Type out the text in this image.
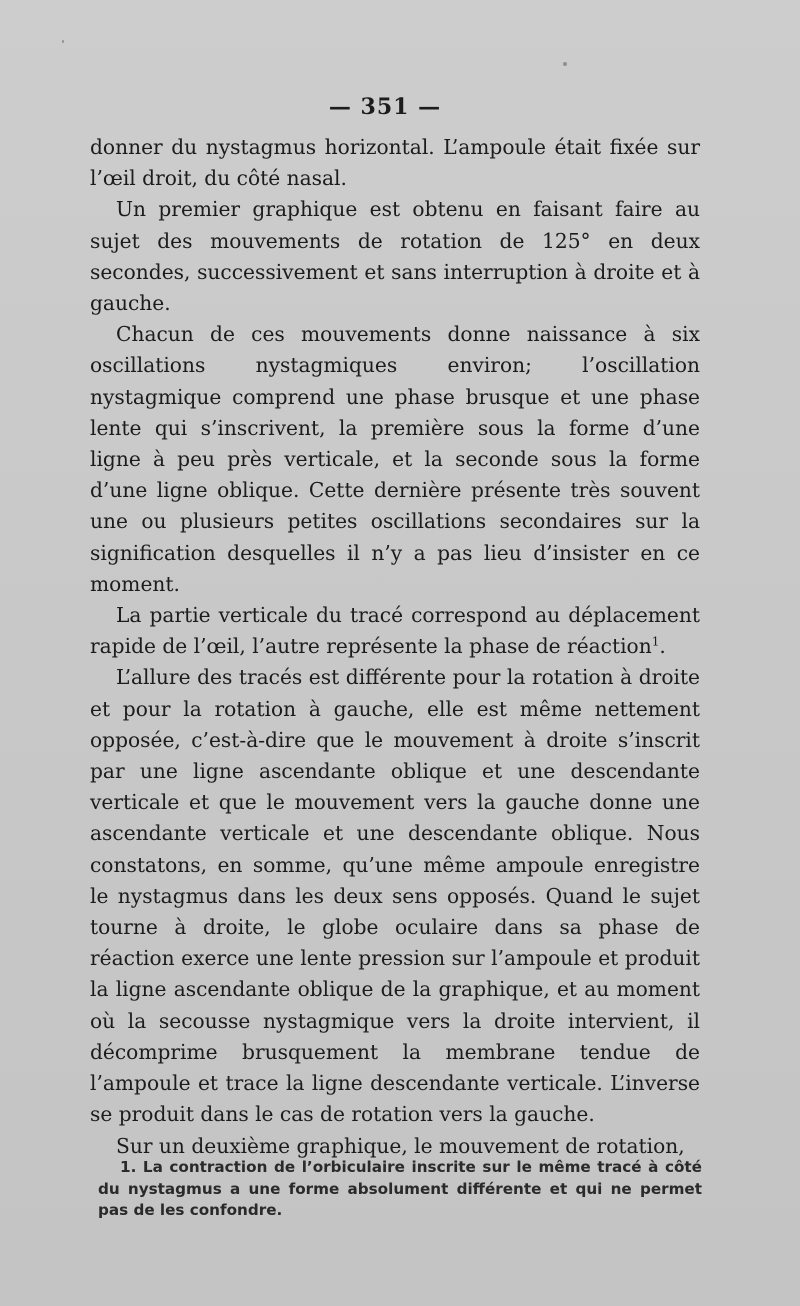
— 351 —

donner du nystagmus horizontal. L’ampoule était fixée sur l’œil droit, du côté nasal.

Un premier graphique est obtenu en faisant faire au sujet des mouvements de rotation de 125° en deux secondes, successivement et sans interruption à droite et à gauche.

Chacun de ces mouvements donne naissance à six oscillations nystagmiques environ; l’oscillation nystagmique comprend une phase brusque et une phase lente qui s’inscrivent, la première sous la forme d’une ligne à peu près verticale, et la seconde sous la forme d’une ligne oblique. Cette dernière présente très souvent une ou plusieurs petites oscillations secondaires sur la signification desquelles il n’y a pas lieu d’insister en ce moment.

La partie verticale du tracé correspond au déplacement rapide de l’œil, l’autre représente la phase de réaction$^1$.

L’allure des tracés est différente pour la rotation à droite et pour la rotation à gauche, elle est même nettement opposée, c’est-à-dire que le mouvement à droite s’inscrit par une ligne ascendante oblique et une descendante verticale et que le mouvement vers la gauche donne une ascendante verticale et une descendante oblique. Nous constatons, en somme, qu’une même ampoule enregistre le nystagmus dans les deux sens opposés. Quand le sujet tourne à droite, le globe oculaire dans sa phase de réaction exerce une lente pression sur l’ampoule et produit la ligne ascendante oblique de la graphique, et au moment où la secousse nystagmique vers la droite intervient, il décomprime brusquement la membrane tendue de l’ampoule et trace la ligne descendante verticale. L’inverse se produit dans le cas de rotation vers la gauche.

Sur un deuxième graphique, le mouvement de rotation,

1. La contraction de l’orbiculaire inscrite sur le même tracé à côté du nystagmus a une forme absolument différente et qui ne permet pas de les confondre.
